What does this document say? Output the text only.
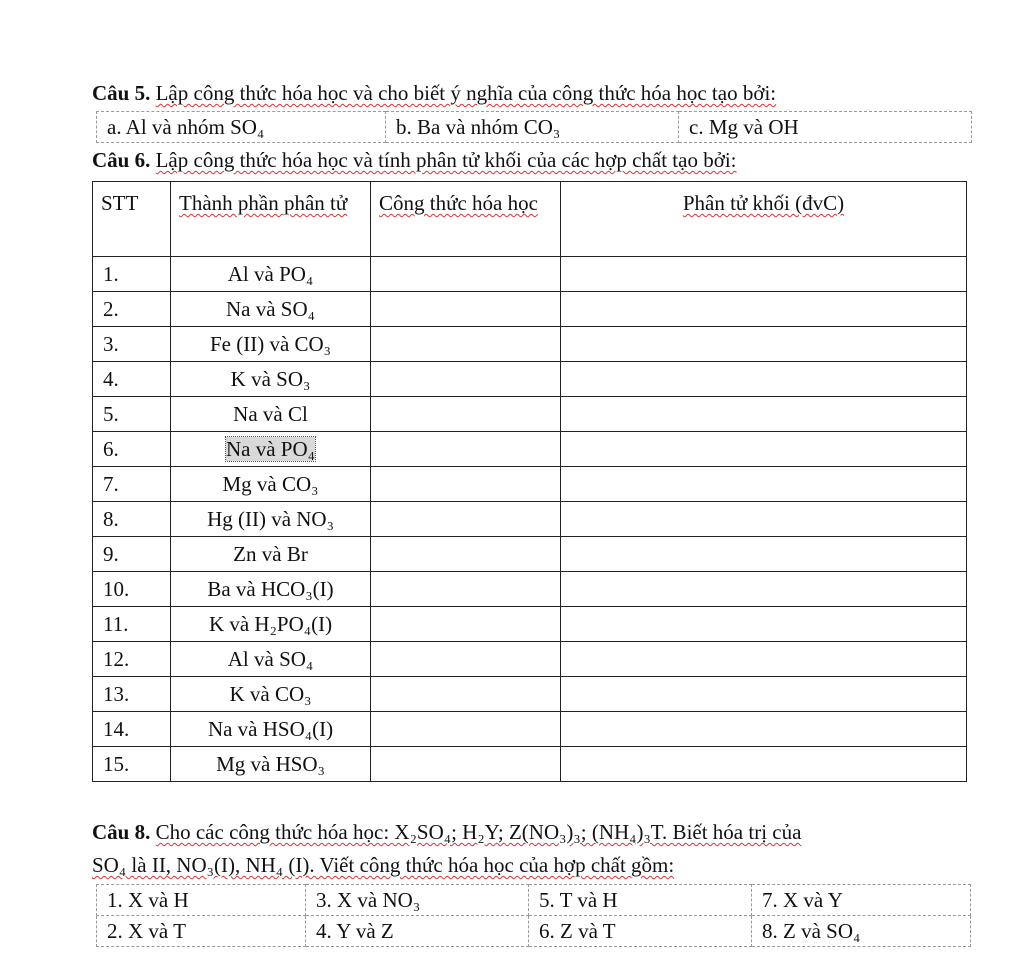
Câu 5. Lập công thức hóa học và cho biết ý nghĩa của công thức hóa học tạo bởi:
a. Al và nhóm SO₄	b. Ba và nhóm CO₃	c. Mg và OH
Câu 6. Lập công thức hóa học và tính phân tử khối của các hợp chất tạo bởi:
STT	Thành phần phân tử	Công thức hóa học	Phân tử khối (đvC)
1.	Al và PO₄		
2.	Na và SO₄		
3.	Fe (II) và CO₃		
4.	K và SO₃		
5.	Na và Cl		
6.	Na và PO₄		
7.	Mg và CO₃		
8.	Hg (II) và NO₃		
9.	Zn và Br		
10.	Ba và HCO₃(I)		
11.	K và H₂PO₄(I)		
12.	Al và SO₄		
13.	K và CO₃		
14.	Na và HSO₄(I)		
15.	Mg và HSO₃		
Câu 8. Cho các công thức hóa học: X₂SO₄; H₂Y; Z(NO₃)₃; (NH₄)₃T. Biết hóa trị của
SO₄ là II, NO₃(I), NH₄ (I). Viết công thức hóa học của hợp chất gồm:
1. X và H	3. X và NO₃	5. T và H	7. X và Y
2. X và T	4. Y và Z	6. Z và T	8. Z và SO₄
